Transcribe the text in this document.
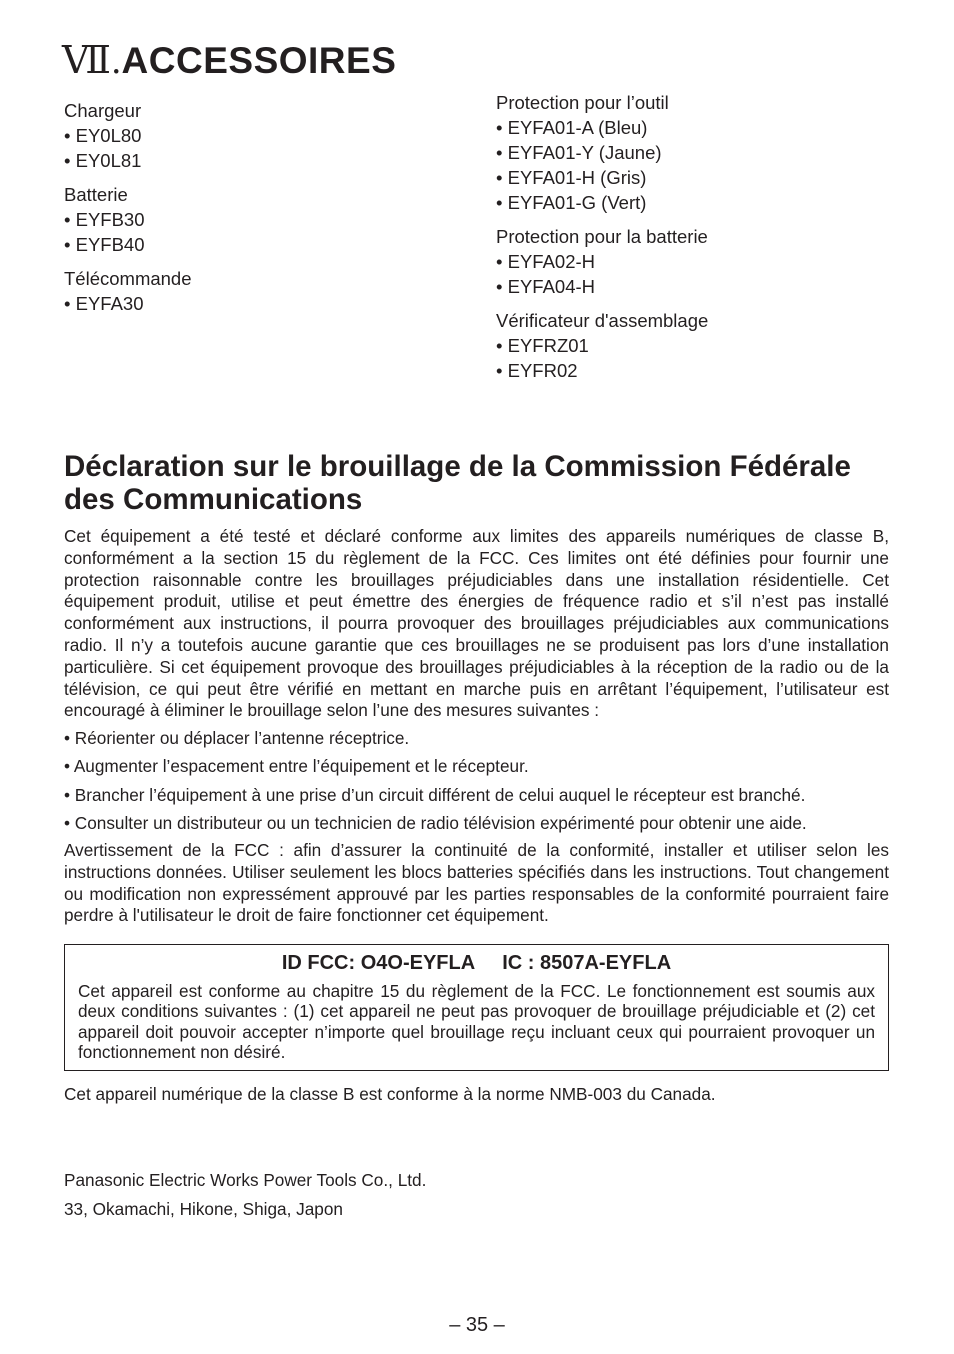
Ⅶ.ACCESSOIRES
Chargeur
• EY0L80
• EY0L81
Batterie
• EYFB30
• EYFB40
Télécommande
• EYFA30
Protection pour l’outil
• EYFA01-A (Bleu)
• EYFA01-Y (Jaune)
• EYFA01-H (Gris)
• EYFA01-G (Vert)
Protection pour la batterie
• EYFA02-H
• EYFA04-H
Vérificateur d'assemblage
• EYFRZ01
• EYFR02
Déclaration sur le brouillage de la Commission Fédérale des Communications
Cet équipement a été testé et déclaré conforme aux limites des appareils numériques de classe B, conformément a la section 15 du règlement de la FCC. Ces limites ont été définies pour fournir une protection raisonnable contre les brouillages préjudiciables dans une installation résidentielle. Cet équipement produit, utilise et peut émettre des énergies de fréquence radio et s’il n’est pas installé conformément aux instructions, il pourra provoquer des brouillages préjudiciables aux communications radio. Il n’y a toutefois aucune garantie que ces brouillages ne se produisent pas lors d’une installation particulière. Si cet équipement provoque des brouillages préjudiciables à la réception de la radio ou de la télévision, ce qui peut être vérifié en mettant en marche puis en arrêtant l’équipement, l’utilisateur est encouragé à éliminer le brouillage selon l’une des mesures suivantes :
• Réorienter ou déplacer l’antenne réceptrice.
• Augmenter l’espacement entre l’équipement et le récepteur.
• Brancher l’équipement à une prise d’un circuit différent de celui auquel le récepteur est branché.
• Consulter un distributeur ou un technicien de radio télévision expérimenté pour obtenir une aide.
Avertissement de la FCC : afin d’assurer la continuité de la conformité, installer et utiliser selon les instructions données. Utiliser seulement les blocs batteries spécifiés dans les instructions. Tout changement ou modification non expressément approuvé par les parties responsables de la conformité pourraient faire perdre à l'utilisateur le droit de faire fonctionner cet équipement.
ID FCC: O4O-EYFLA     IC : 8507A-EYFLA
Cet appareil est conforme au chapitre 15 du règlement de la FCC. Le fonctionnement est soumis aux deux conditions suivantes : (1) cet appareil ne peut pas provoquer de brouillage préjudiciable et (2) cet appareil doit pouvoir accepter n’importe quel brouillage reçu incluant ceux qui pourraient provoquer un fonctionnement non désiré.
Cet appareil numérique de la classe B est conforme à la norme NMB-003 du Canada.
Panasonic Electric Works Power Tools Co., Ltd.
33, Okamachi, Hikone, Shiga, Japon
– 35 –
